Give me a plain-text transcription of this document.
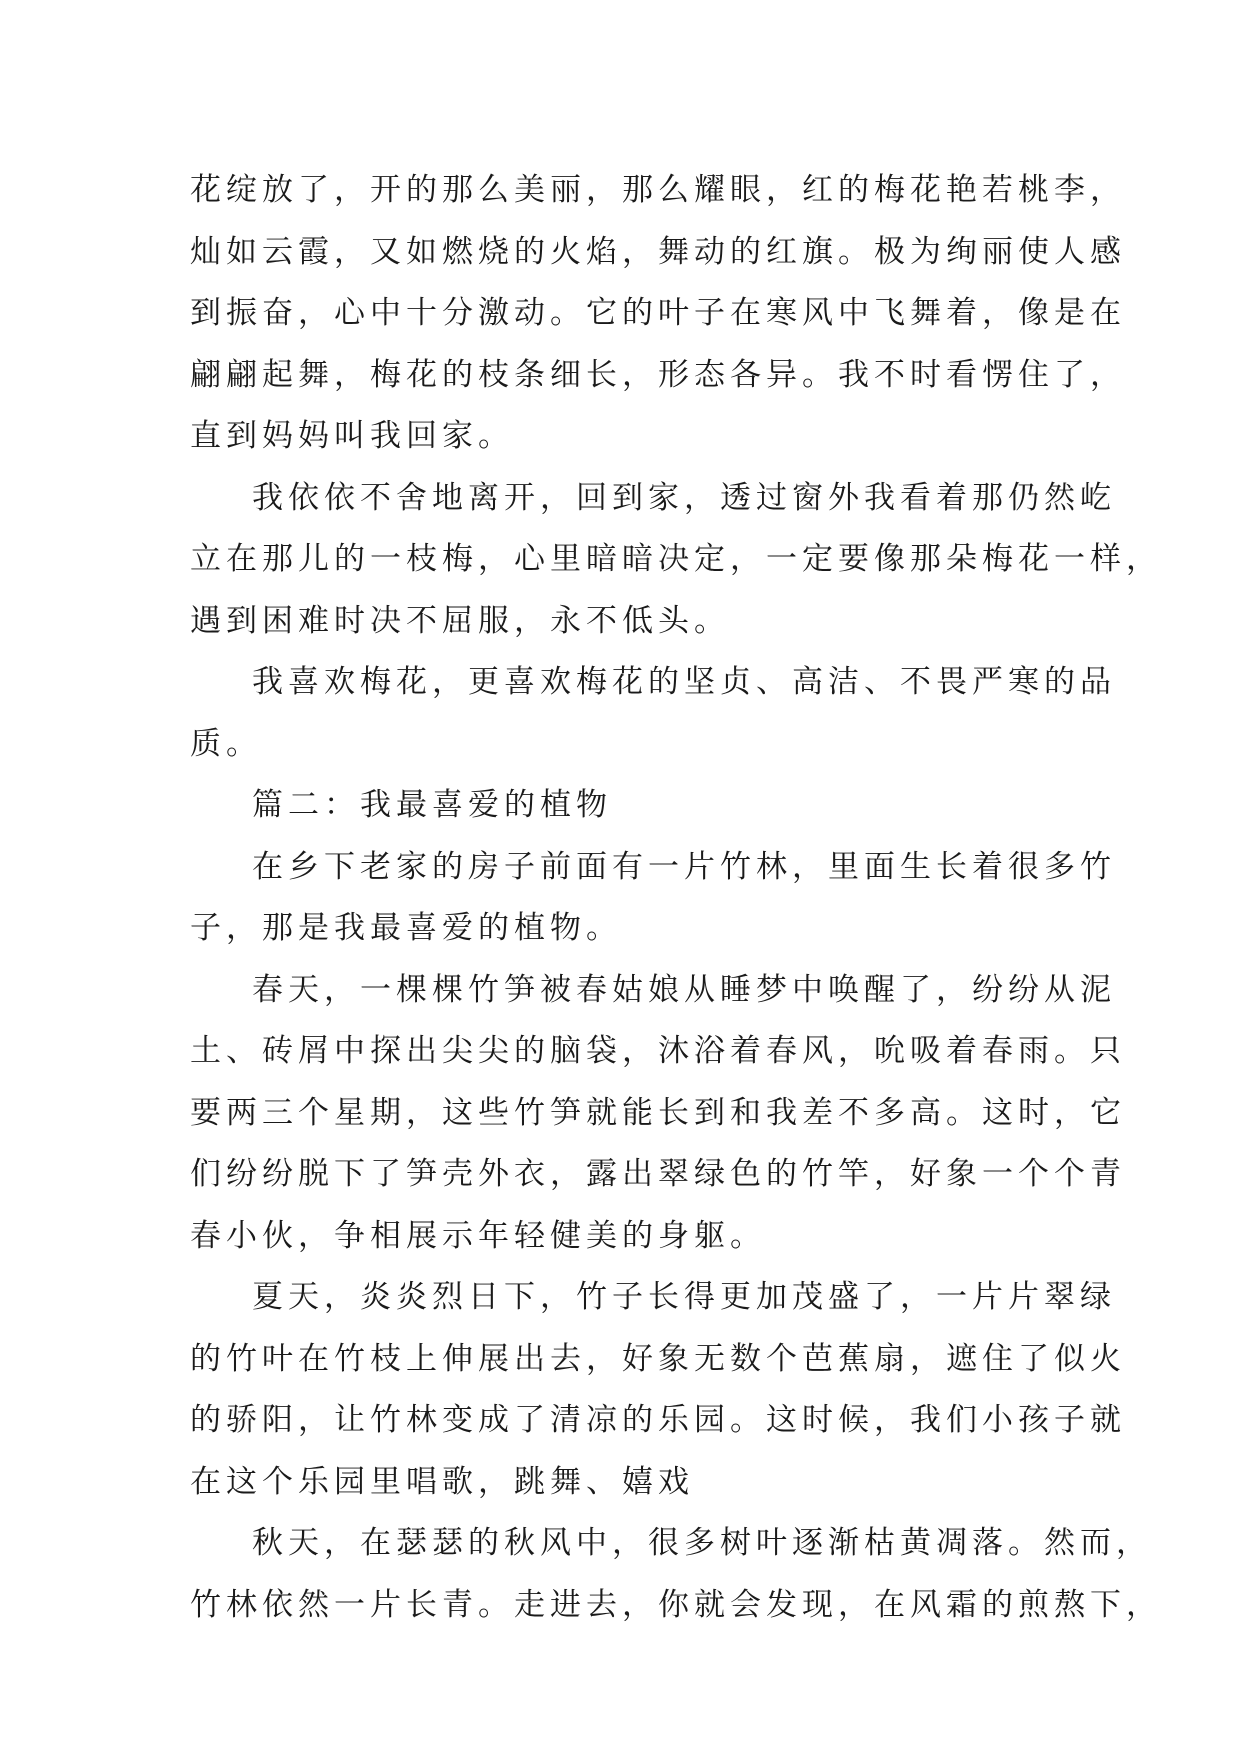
花绽放了，开的那么美丽，那么耀眼，红的梅花艳若桃李，
灿如云霞，又如燃烧的火焰，舞动的红旗。极为绚丽使人感
到振奋，心中十分激动。它的叶子在寒风中飞舞着，像是在
翩翩起舞，梅花的枝条细长，形态各异。我不时看愣住了，
直到妈妈叫我回家。

我依依不舍地离开，回到家，透过窗外我看着那仍然屹
立在那儿的一枝梅，心里暗暗决定，一定要像那朵梅花一样，
遇到困难时决不屈服，永不低头。

我喜欢梅花，更喜欢梅花的坚贞、高洁、不畏严寒的品
质。

篇二：我最喜爱的植物

在乡下老家的房子前面有一片竹林，里面生长着很多竹
子，那是我最喜爱的植物。

春天，一棵棵竹笋被春姑娘从睡梦中唤醒了，纷纷从泥
土、砖屑中探出尖尖的脑袋，沐浴着春风，吮吸着春雨。只
要两三个星期，这些竹笋就能长到和我差不多高。这时，它
们纷纷脱下了笋壳外衣，露出翠绿色的竹竿，好象一个个青
春小伙，争相展示年轻健美的身躯。

夏天，炎炎烈日下，竹子长得更加茂盛了，一片片翠绿
的竹叶在竹枝上伸展出去，好象无数个芭蕉扇，遮住了似火
的骄阳，让竹林变成了清凉的乐园。这时候，我们小孩子就
在这个乐园里唱歌，跳舞、嬉戏

秋天，在瑟瑟的秋风中，很多树叶逐渐枯黄凋落。然而，
竹林依然一片长青。走进去，你就会发现，在风霜的煎熬下，
